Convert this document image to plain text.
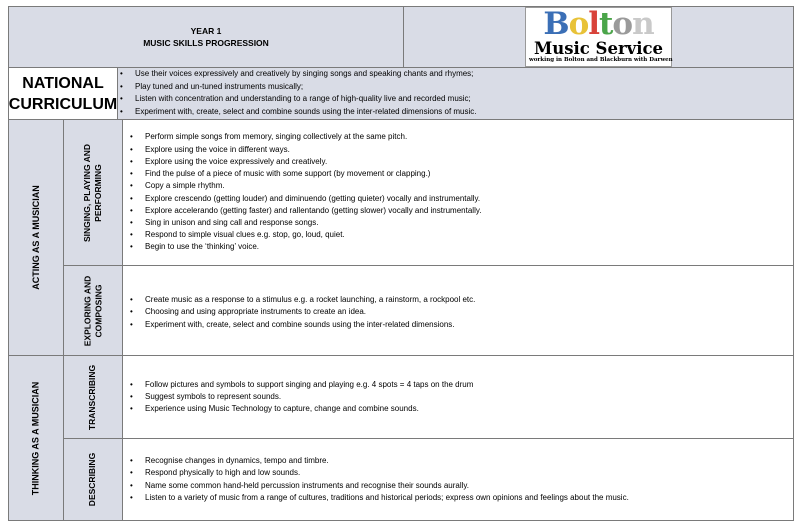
YEAR 1
MUSIC SKILLS PROGRESSION
Bolton
Music Service
working in Bolton and Blackburn with Darwen
NATIONAL
CURRICULUM
• Use their voices expressively and creatively by singing songs and speaking chants and rhymes;
• Play tuned and un-tuned instruments musically;
• Listen with concentration and understanding to a range of high-quality live and recorded music;
• Experiment with, create, select and combine sounds using the inter-related dimensions of music.
ACTING AS A MUSICIAN	SINGING, PLAYING AND PERFORMING
• Perform simple songs from memory, singing collectively at the same pitch.
• Explore using the voice in different ways.
• Explore using the voice expressively and creatively.
• Find the pulse of a piece of music with some support (by movement or clapping.)
• Copy a simple rhythm.
• Explore crescendo (getting louder) and diminuendo (getting quieter) vocally and instrumentally.
• Explore accelerando (getting faster) and rallentando (getting slower) vocally and instrumentally.
• Sing in unison and sing call and response songs.
• Respond to simple visual clues e.g. stop, go, loud, quiet.
• Begin to use the ‘thinking’ voice.
EXPLORING AND COMPOSING	• Create music as a response to a stimulus e.g. a rocket launching, a rainstorm, a rockpool etc.
• Choosing and using appropriate instruments to create an idea.
• Experiment with, create, select and combine sounds using the inter-related dimensions.
THINKING AS A MUSICIAN	TRANSCRIBING	• Follow pictures and symbols to support singing and playing e.g. 4 spots = 4 taps on the drum
• Suggest symbols to represent sounds.
• Experience using Music Technology to capture, change and combine sounds.
DESCRIBING	• Recognise changes in dynamics, tempo and timbre.
• Respond physically to high and low sounds.
• Name some common hand-held percussion instruments and recognise their sounds aurally.
• Listen to a variety of music from a range of cultures, traditions and historical periods; express own opinions and feelings about the music.
